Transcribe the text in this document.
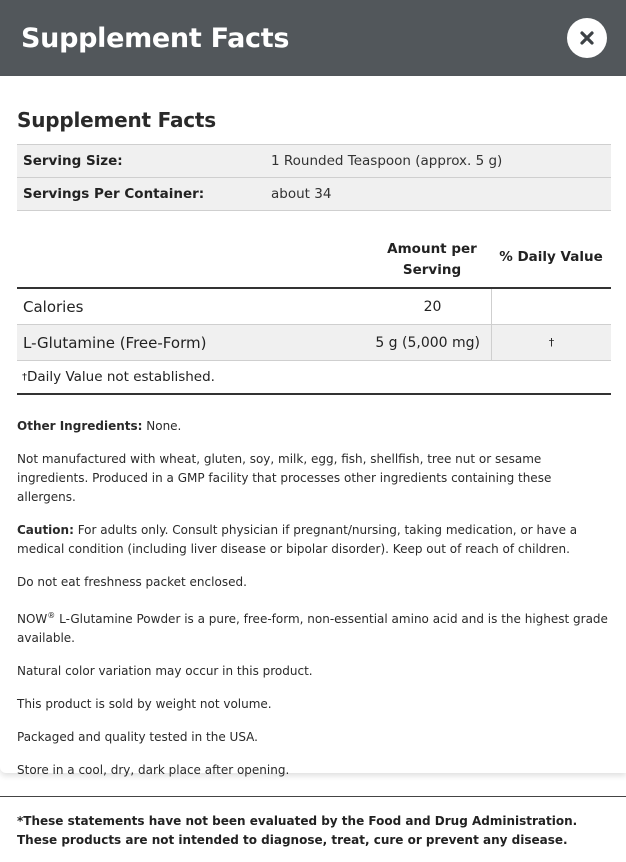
Supplement Facts
Supplement Facts
Serving Size:	1 Rounded Teaspoon (approx. 5 g)
Servings Per Container:	about 34
Amount per Serving
% Daily Value
Calories	20
L-Glutamine (Free-Form)	5 g (5,000 mg)	†
† Daily Value not established.

Other Ingredients: None.

Not manufactured with wheat, gluten, soy, milk, egg, fish, shellfish, tree nut or sesame ingredients. Produced in a GMP facility that processes other ingredients containing these allergens.

Caution: For adults only. Consult physician if pregnant/nursing, taking medication, or have a medical condition (including liver disease or bipolar disorder). Keep out of reach of children.

Do not eat freshness packet enclosed.

NOW® L-Glutamine Powder is a pure, free-form, non-essential amino acid and is the highest grade available.

Natural color variation may occur in this product.

This product is sold by weight not volume.

Packaged and quality tested in the USA.

Store in a cool, dry, dark place after opening.

*These statements have not been evaluated by the Food and Drug Administration. These products are not intended to diagnose, treat, cure or prevent any disease.
